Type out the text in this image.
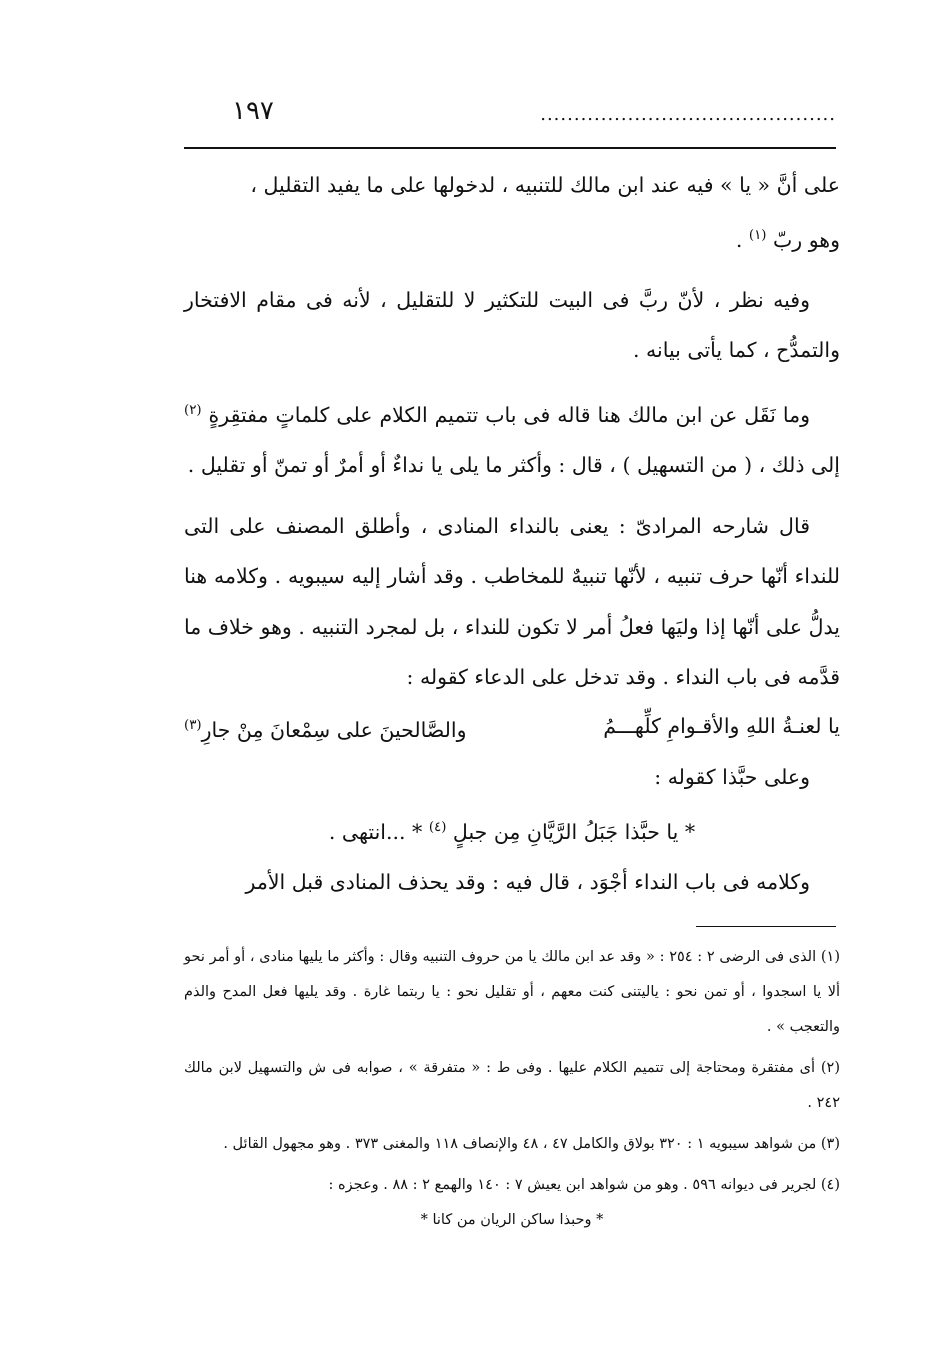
١٩٧	............................................

على أنَّ « يا » فيه عند ابن مالك للتنبيه ، لدخولها على ما يفيد التقليل ،
وهو ربّ $^{(١)}$ .

وفيه نظر ، لأنّ ربَّ فى البيت للتكثير لا للتقليل ، لأنه فى مقام الافتخار والتمدُّح ، كما يأتى بيانه .

وما نَقَل عن ابن مالك هنا قاله فى باب تتميم الكلام على كلماتٍ مفتقِرةٍ $^{(٢)}$ إلى ذلك ، ( من التسهيل ) ، قال : وأكثر ما يلى يا نداءٌ أو أمرٌ أو تمنّ أو تقليل .

قال شارحه المرادىّ : يعنى بالنداء المنادى ، وأطلق المصنف على التى للنداء أنّها حرف تنبيه ، لأنّها تنبيهٌ للمخاطب . وقد أشار إليه سيبويه . وكلامه هنا يدلُّ على أنّها إذا وليَها فعلُ أمر لا تكون للنداء ، بل لمجرد التنبيه . وهو خلاف ما قدَّمه فى باب النداء . وقد تدخل على الدعاء كقوله :

يا لعنـةُ اللهِ والأقـوامِ كلِّهـــمُ
والصَّالحينَ على سِمْعانَ مِنْ جارِ$^{(٣)}$

وعلى حبَّذا كقوله :

* يا حبَّذا جَبَلُ الرَّيَّانِ مِن جبلٍ $^{(٤)}$ * ...انتهى .

وكلامه فى باب النداء أجْوَد ، قال فيه : وقد يحذف المنادى قبل الأمر

(١) الذى فى الرضى ٢ : ٢٥٤ : « وقد عد ابن مالك يا من حروف التنبيه وقال : وأكثر ما يليها منادى ، أو أمر نحو ألا يا اسجدوا ، أو تمن نحو : ياليتنى كنت معهم ، أو تقليل نحو : يا ربتما غارة . وقد يليها فعل المدح والذم والتعجب » .

(٢) أى مفتقرة ومحتاجة إلى تتميم الكلام عليها . وفى ط : « متفرقة » ، صوابه فى ش والتسهيل لابن مالك ٢٤٢ .

(٣) من شواهد سيبويه ١ : ٣٢٠ بولاق والكامل ٤٧ ، ٤٨ والإنصاف ١١٨ والمغنى ٣٧٣ . وهو مجهول القائل .

(٤) لجرير فى ديوانه ٥٩٦ . وهو من شواهد ابن يعيش ٧ : ١٤٠ والهمع ٢ : ٨٨ . وعجزه :

* وحبذا ساكن الريان من كانا *
